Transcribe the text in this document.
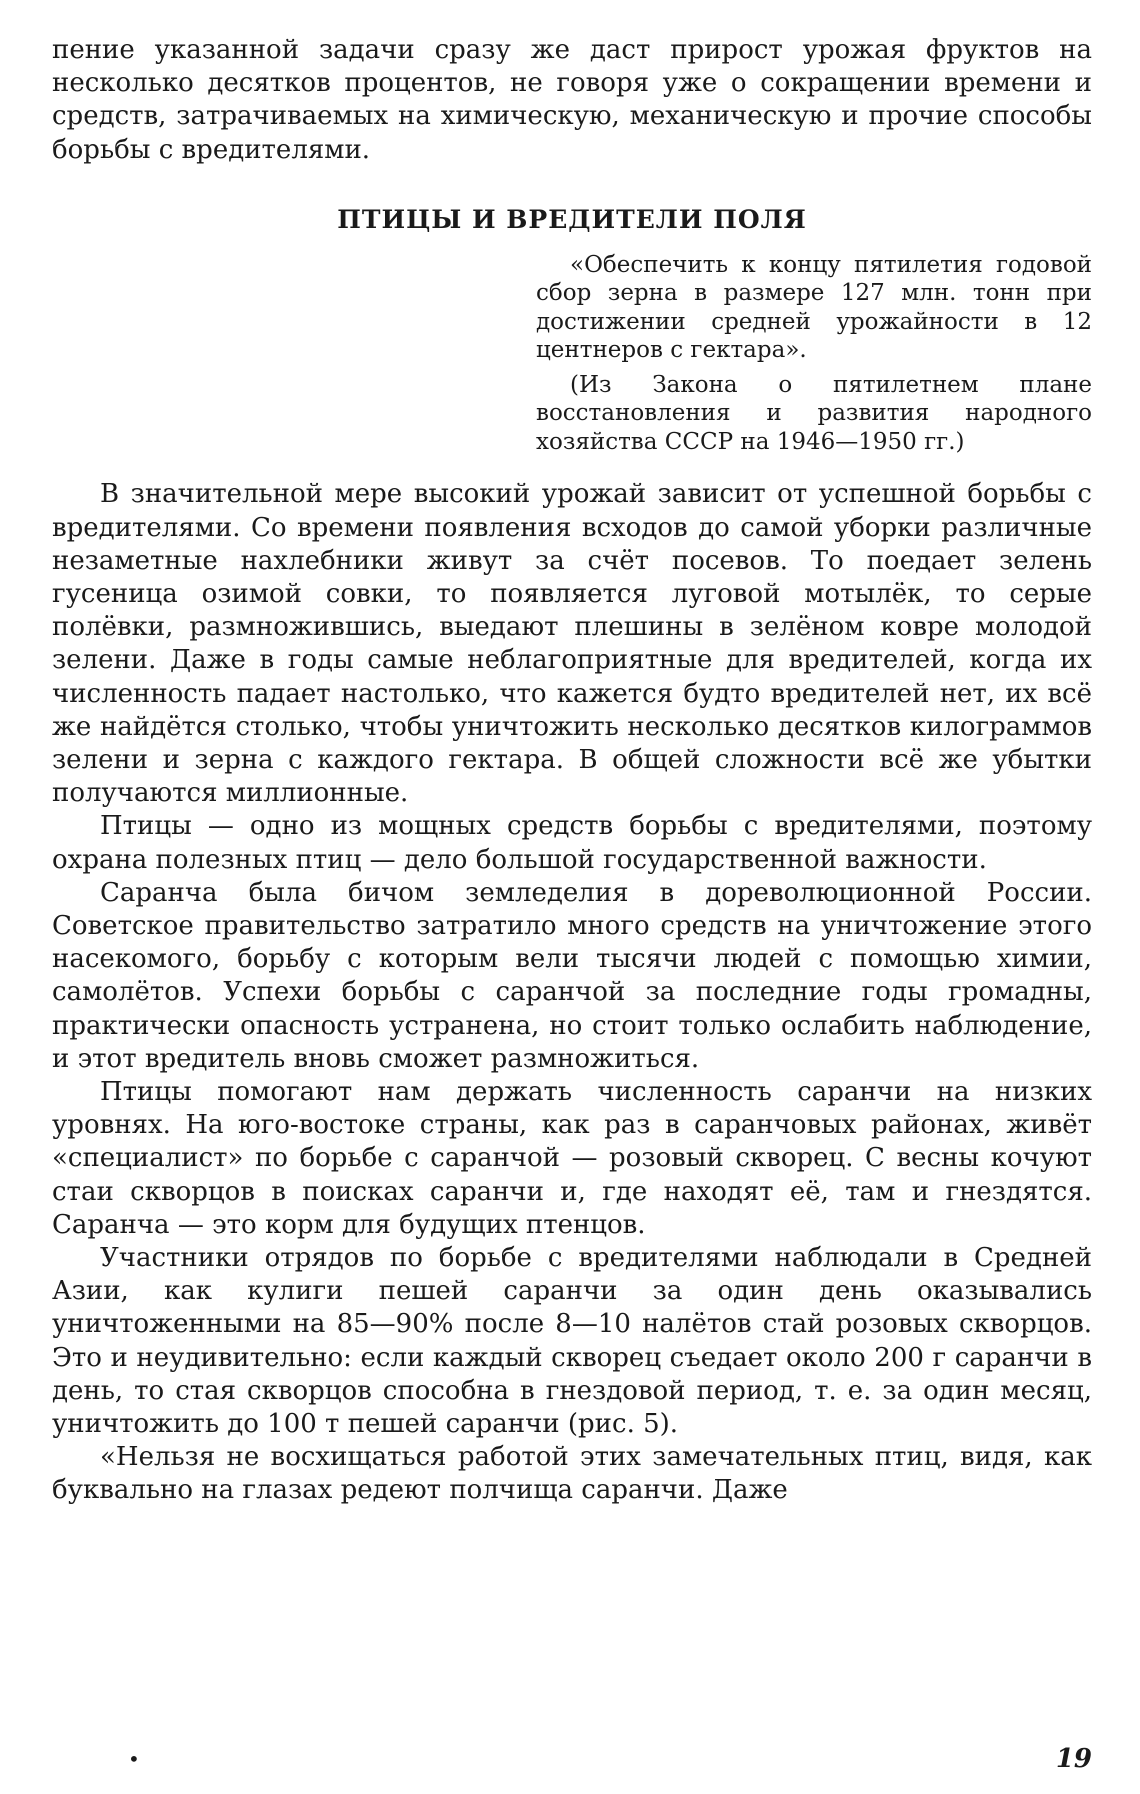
пение указанной задачи сразу же даст прирост урожая фруктов на несколько десятков процентов, не говоря уже о сокращении времени и средств, затрачиваемых на химическую, механическую и прочие способы борьбы с вредителями.

ПТИЦЫ И ВРЕДИТЕЛИ ПОЛЯ

«Обеспечить к концу пятилетия годовой сбор зерна в размере 127 млн. тонн при достижении средней урожайности в 12 центнеров с гектара».

(Из Закона о пятилетнем плане восстановления и развития народного хозяйства СССР на 1946—1950 гг.)

В значительной мере высокий урожай зависит от успешной борьбы с вредителями. Со времени появления всходов до самой уборки различные незаметные нахлебники живут за счёт посевов. То поедает зелень гусеница озимой совки, то появляется луговой мотылёк, то серые полёвки, размножившись, выедают плешины в зелёном ковре молодой зелени. Даже в годы самые неблагоприятные для вредителей, когда их численность падает настолько, что кажется будто вредителей нет, их всё же найдётся столько, чтобы уничтожить несколько десятков килограммов зелени и зерна с каждого гектара. В общей сложности всё же убытки получаются миллионные.

Птицы — одно из мощных средств борьбы с вредителями, поэтому охрана полезных птиц — дело большой государственной важности.

Саранча была бичом земледелия в дореволюционной России. Советское правительство затратило много средств на уничтожение этого насекомого, борьбу с которым вели тысячи людей с помощью химии, самолётов. Успехи борьбы с саранчой за последние годы громадны, практически опасность устранена, но стоит только ослабить наблюдение, и этот вредитель вновь сможет размножиться.

Птицы помогают нам держать численность саранчи на низких уровнях. На юго-востоке страны, как раз в саранчовых районах, живёт «специалист» по борьбе с саранчой — розовый скворец. С весны кочуют стаи скворцов в поисках саранчи и, где находят её, там и гнездятся. Саранча — это корм для будущих птенцов.

Участники отрядов по борьбе с вредителями наблюдали в Средней Азии, как кулиги пешей саранчи за один день оказывались уничтоженными на 85—90% после 8—10 налётов стай розовых скворцов. Это и неудивительно: если каждый скворец съедает около 200 г саранчи в день, то стая скворцов способна в гнездовой период, т. е. за один месяц, уничтожить до 100 т пешей саранчи (рис. 5).

«Нельзя не восхищаться работой этих замечательных птиц, видя, как буквально на глазах редеют полчища саранчи. Даже

•	19
